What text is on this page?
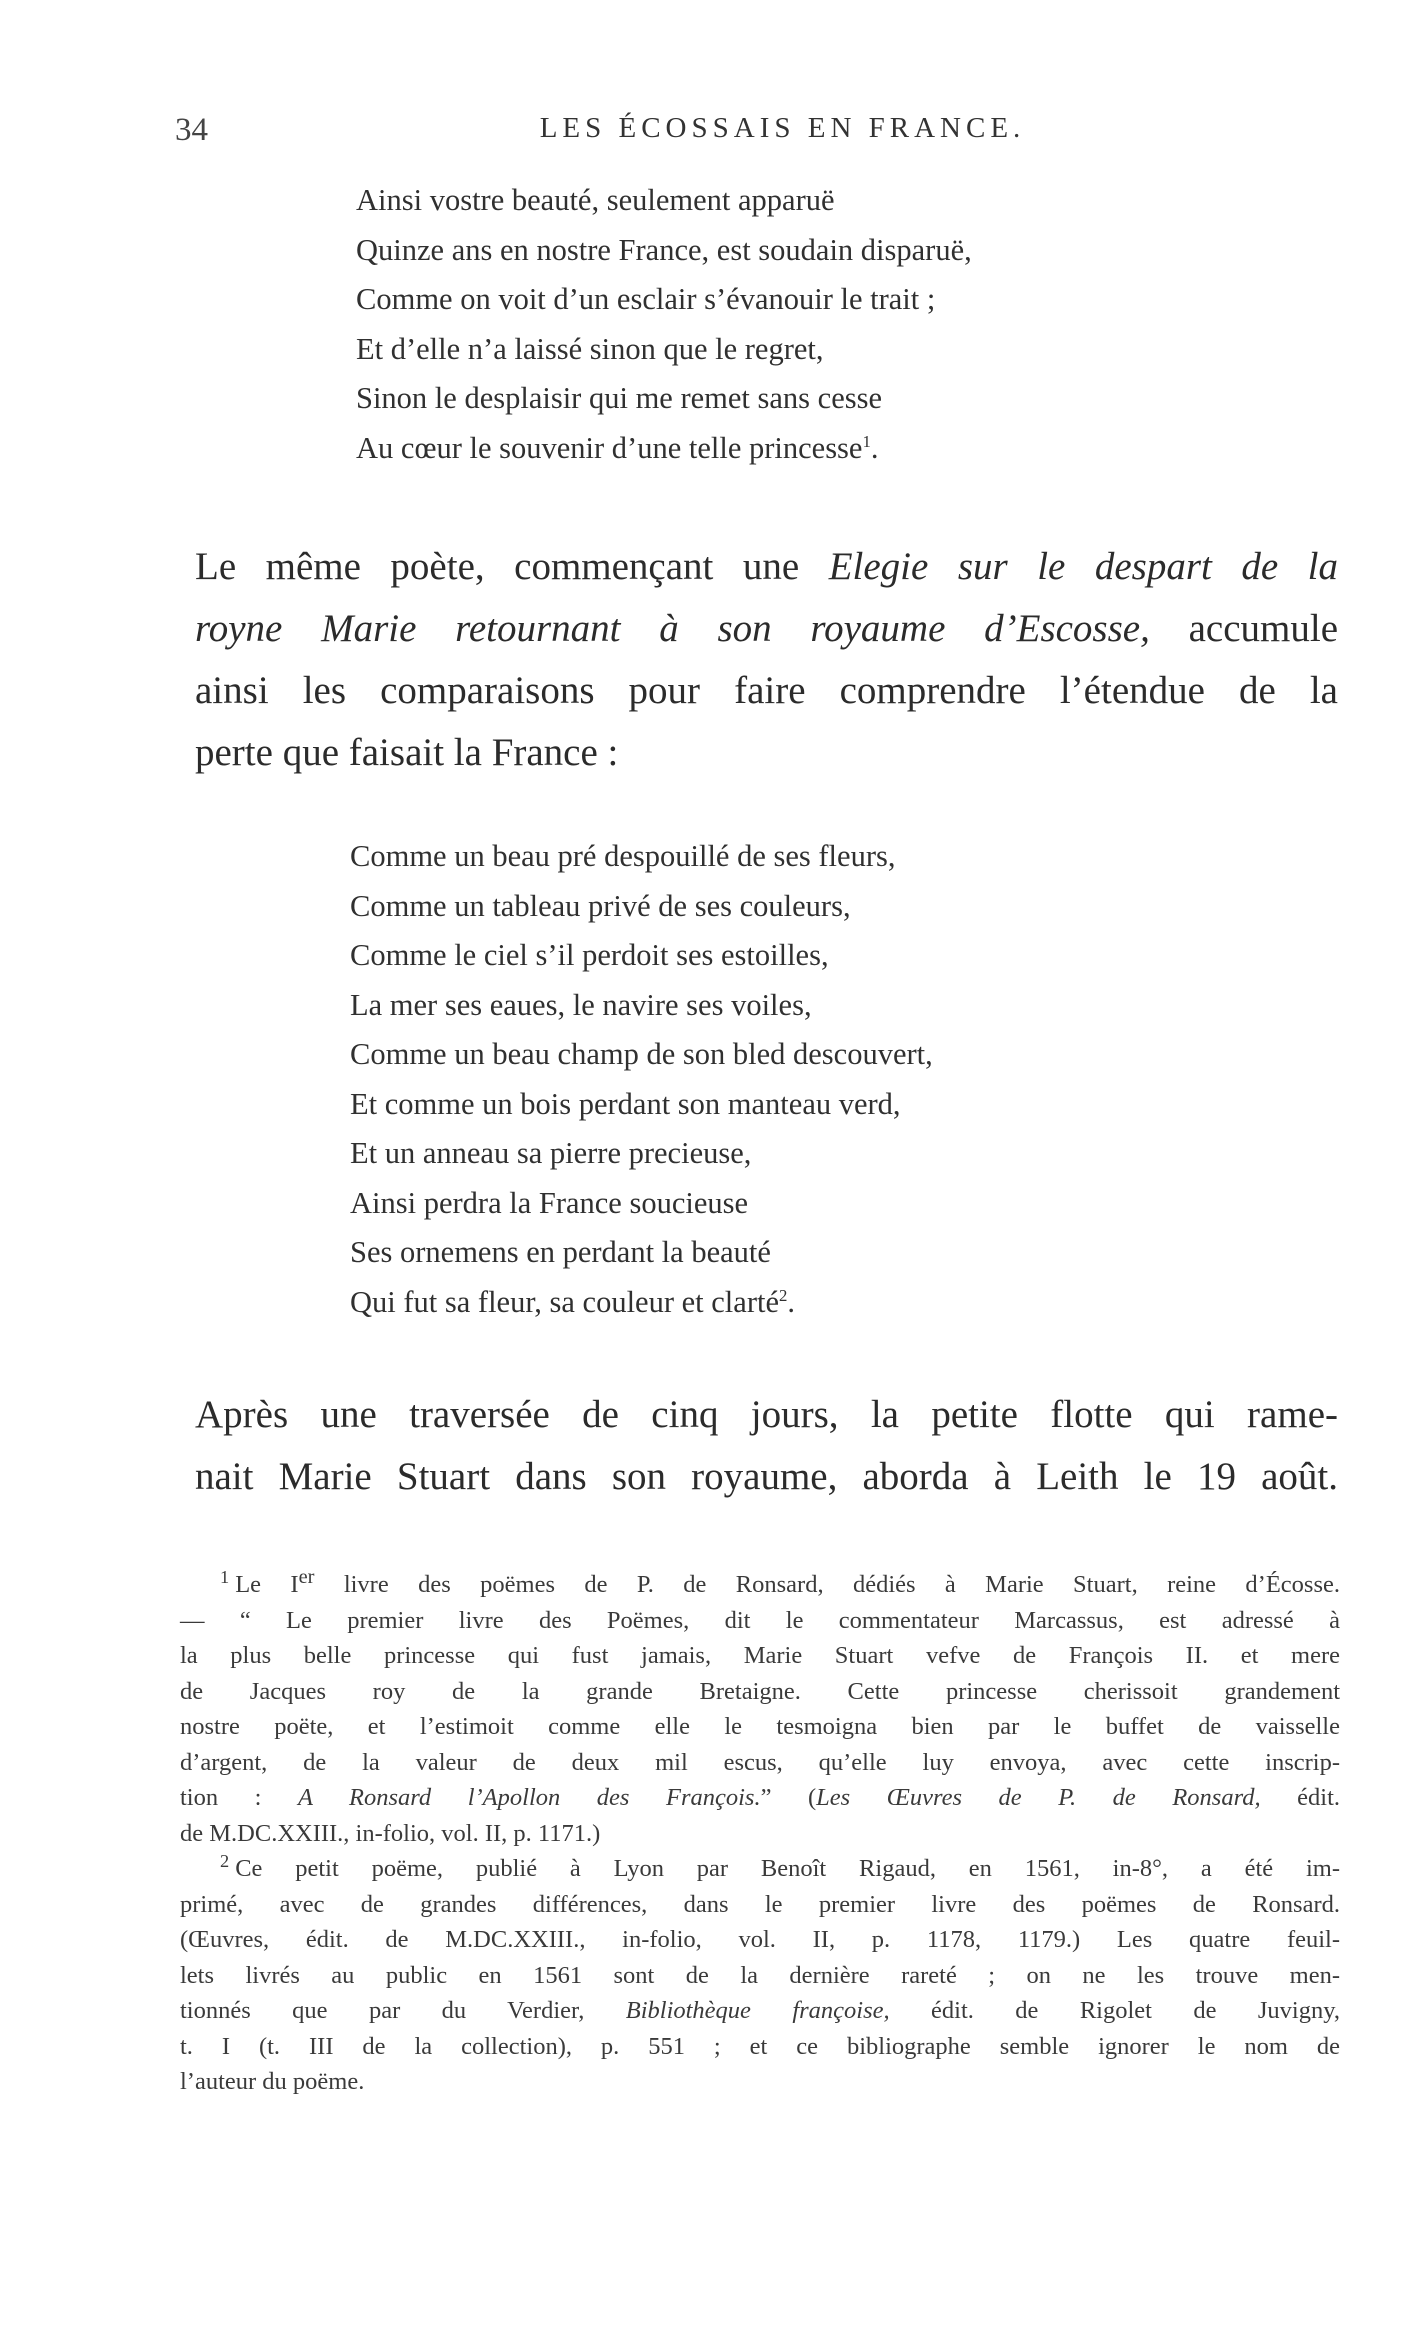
34	LES ÉCOSSAIS EN FRANCE.
Ainsi vostre beauté, seulement apparuë
Quinze ans en nostre France, est soudain disparuë,
Comme on voit d’un esclair s’évanouir le trait ;
Et d’elle n’a laissé sinon que le regret,
Sinon le desplaisir qui me remet sans cesse
Au cœur le souvenir d’une telle princesse$^1$.
Le même poète, commençant une Elegie sur le despart de la
royne Marie retournant à son royaume d’Escosse, accumule
ainsi les comparaisons pour faire comprendre l’étendue de la
perte que faisait la France :
Comme un beau pré despouillé de ses fleurs,
Comme un tableau privé de ses couleurs,
Comme le ciel s’il perdoit ses estoilles,
La mer ses eaues, le navire ses voiles,
Comme un beau champ de son bled descouvert,
Et comme un bois perdant son manteau verd,
Et un anneau sa pierre precieuse,
Ainsi perdra la France soucieuse
Ses ornemens en perdant la beauté
Qui fut sa fleur, sa couleur et clarté$^2$.
Après une traversée de cinq jours, la petite flotte qui rame-
nait Marie Stuart dans son royaume, aborda à Leith le 19 août.
$^1$ Le Ier livre des poëmes de P. de Ronsard, dédiés à Marie Stuart, reine d’Écosse.
— “ Le premier livre des Poëmes, dit le commentateur Marcassus, est adressé à
la plus belle princesse qui fust jamais, Marie Stuart vefve de François II. et mere
de Jacques roy de la grande Bretaigne. Cette princesse cherissoit grandement
nostre poëte, et l’estimoit comme elle le tesmoigna bien par le buffet de vaisselle
d’argent, de la valeur de deux mil escus, qu’elle luy envoya, avec cette inscrip-
tion : A Ronsard l’Apollon des François.” (Les Œuvres de P. de Ronsard, édit.
de M.DC.XXIII., in-folio, vol. II, p. 1171.)
$^2$ Ce petit poëme, publié à Lyon par Benoît Rigaud, en 1561, in-8°, a été im-
primé, avec de grandes différences, dans le premier livre des poëmes de Ronsard.
(Œuvres, édit. de M.DC.XXIII., in-folio, vol. II, p. 1178, 1179.) Les quatre feuil-
lets livrés au public en 1561 sont de la dernière rareté ; on ne les trouve men-
tionnés que par du Verdier, Bibliothèque françoise, édit. de Rigolet de Juvigny,
t. I (t. III de la collection), p. 551 ; et ce bibliographe semble ignorer le nom de
l’auteur du poëme.
